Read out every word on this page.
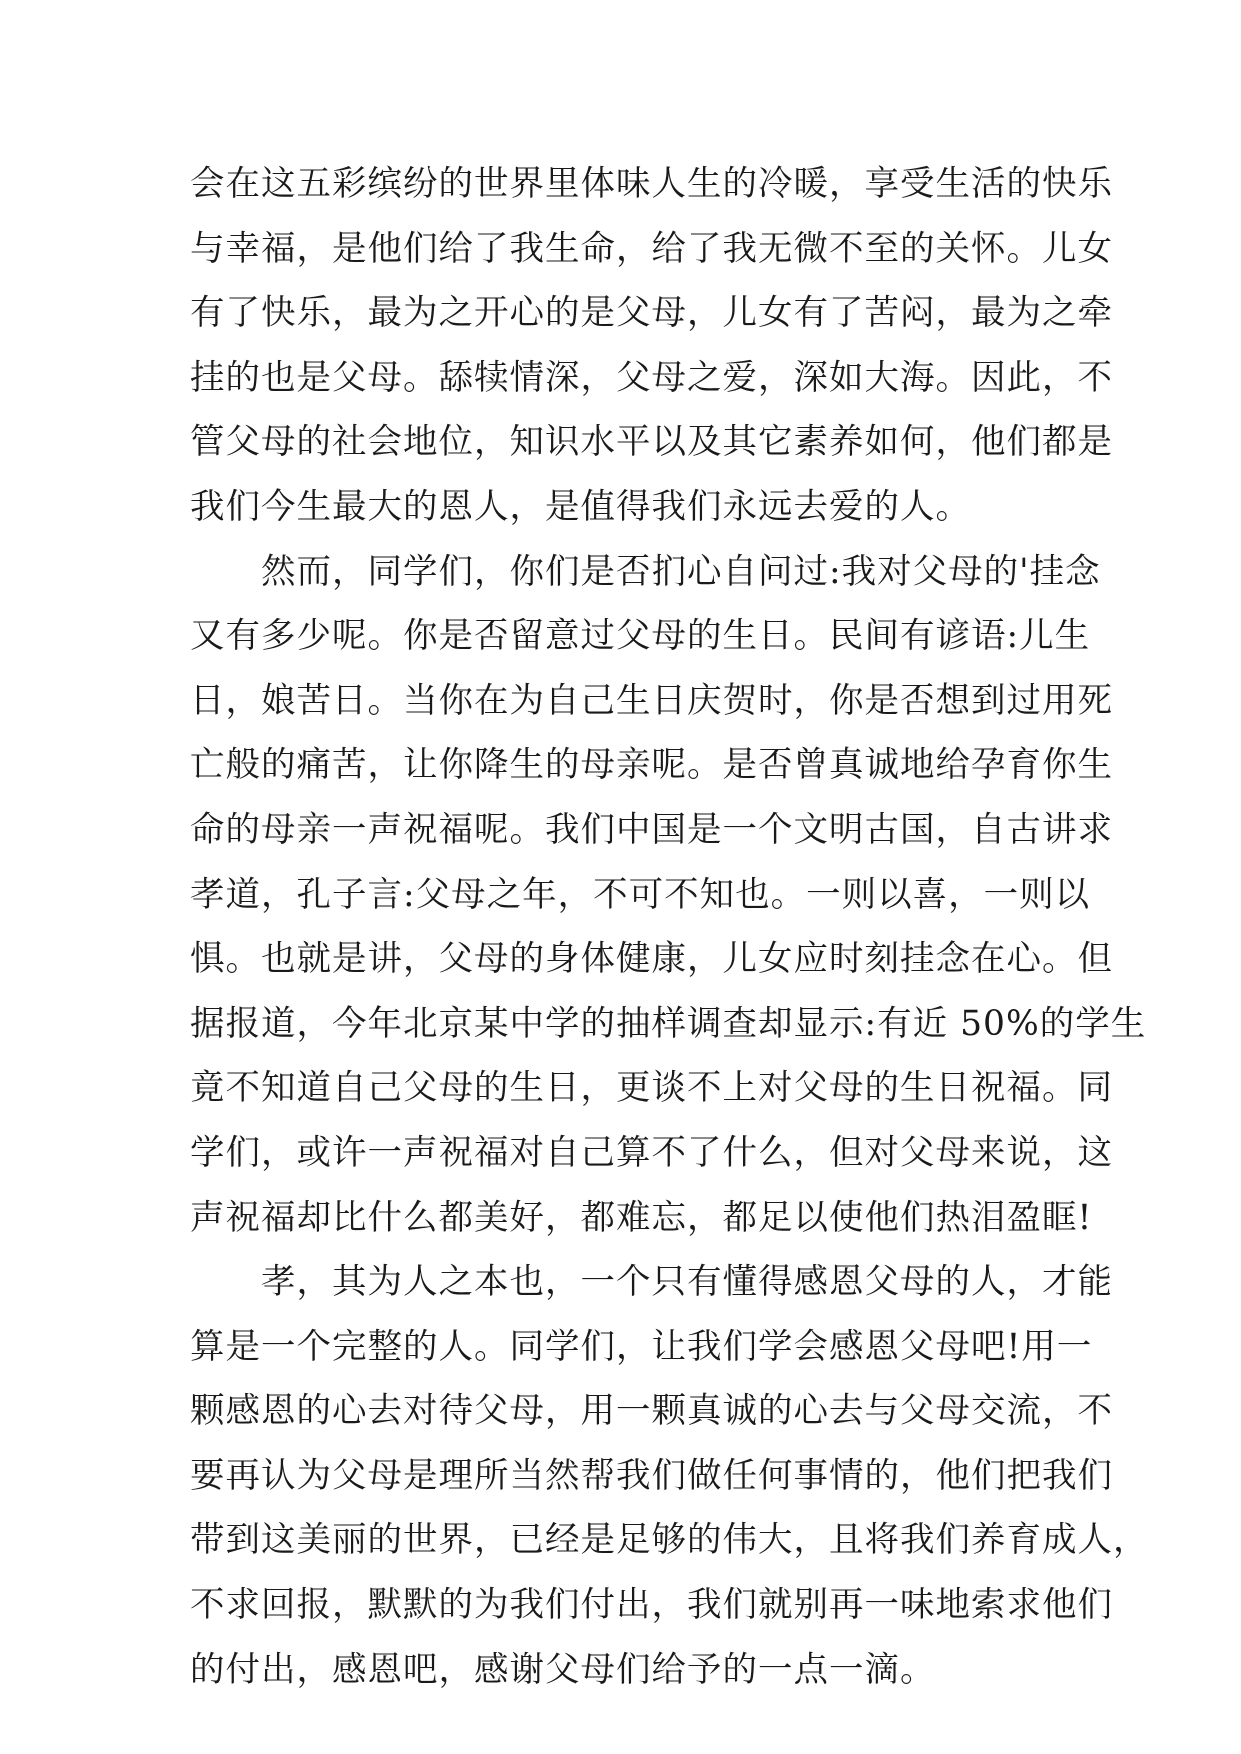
会在这五彩缤纷的世界里体味人生的冷暖，享受生活的快乐
与幸福，是他们给了我生命，给了我无微不至的关怀。儿女
有了快乐，最为之开心的是父母，儿女有了苦闷，最为之牵
挂的也是父母。舔犊情深，父母之爱，深如大海。因此，不
管父母的社会地位，知识水平以及其它素养如何，他们都是
我们今生最大的恩人，是值得我们永远去爱的人。
　　然而，同学们，你们是否扪心自问过:我对父母的'挂念
又有多少呢。你是否留意过父母的生日。民间有谚语:儿生
日，娘苦日。当你在为自己生日庆贺时，你是否想到过用死
亡般的痛苦，让你降生的母亲呢。是否曾真诚地给孕育你生
命的母亲一声祝福呢。我们中国是一个文明古国，自古讲求
孝道，孔子言:父母之年，不可不知也。一则以喜，一则以
惧。也就是讲，父母的身体健康，儿女应时刻挂念在心。但
据报道，今年北京某中学的抽样调查却显示:有近 50%的学生
竟不知道自己父母的生日，更谈不上对父母的生日祝福。同
学们，或许一声祝福对自己算不了什么，但对父母来说，这
声祝福却比什么都美好，都难忘，都足以使他们热泪盈眶!
　　孝，其为人之本也，一个只有懂得感恩父母的人，才能
算是一个完整的人。同学们，让我们学会感恩父母吧!用一
颗感恩的心去对待父母，用一颗真诚的心去与父母交流，不
要再认为父母是理所当然帮我们做任何事情的，他们把我们
带到这美丽的世界，已经是足够的伟大，且将我们养育成人，
不求回报，默默的为我们付出，我们就别再一味地索求他们
的付出，感恩吧，感谢父母们给予的一点一滴。
